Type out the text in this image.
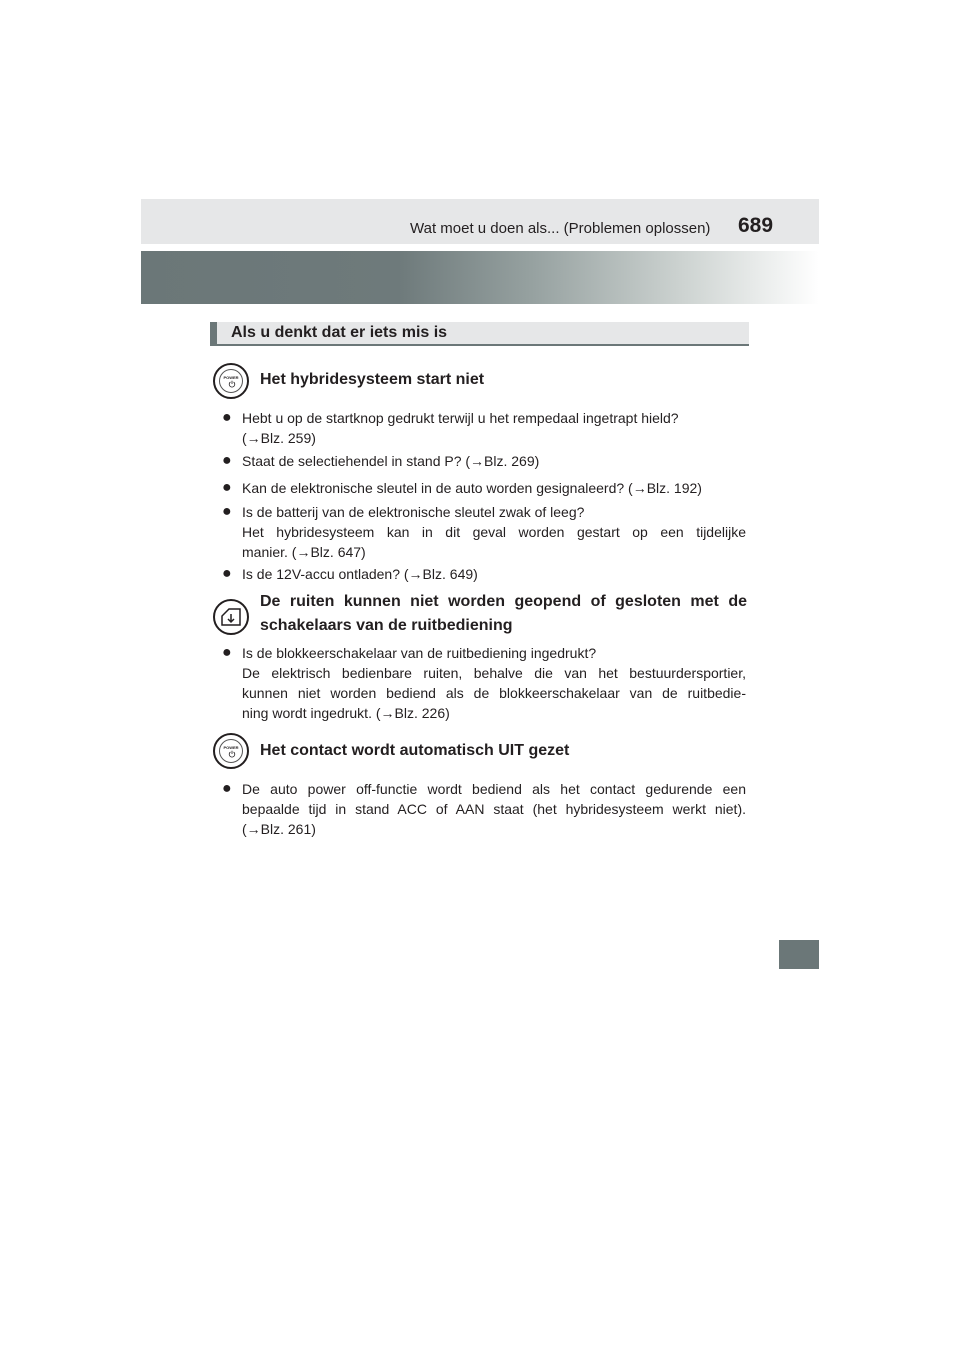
Wat moet u doen als... (Problemen oplossen) 689
Als u denkt dat er iets mis is
POWER Het hybridesysteem start niet
● Hebt u op de startknop gedrukt terwijl u het rempedaal ingetrapt hield?
(→Blz. 259)
● Staat de selectiehendel in stand P? (→Blz. 269)
● Kan de elektronische sleutel in de auto worden gesignaleerd? (→Blz. 192)
● Is de batterij van de elektronische sleutel zwak of leeg?
Het hybridesysteem kan in dit geval worden gestart op een tijdelijke
manier. (→Blz. 647)
● Is de 12V-accu ontladen? (→Blz. 649)
De ruiten kunnen niet worden geopend of gesloten met de
schakelaars van de ruitbediening
● Is de blokkeerschakelaar van de ruitbediening ingedrukt?
De elektrisch bedienbare ruiten, behalve die van het bestuurdersportier,
kunnen niet worden bediend als de blokkeerschakelaar van de ruitbedie-
ning wordt ingedrukt. (→Blz. 226)
POWER Het contact wordt automatisch UIT gezet
● De auto power off-functie wordt bediend als het contact gedurende een
bepaalde tijd in stand ACC of AAN staat (het hybridesysteem werkt niet).
(→Blz. 261)
